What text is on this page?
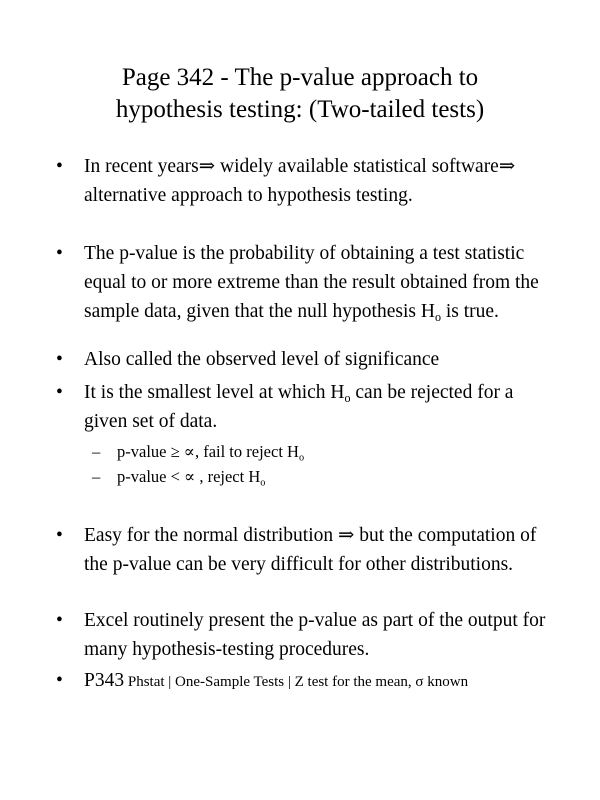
Page 342 - The p-value approach to
hypothesis testing: (Two-tailed tests)
• In recent years⇒ widely available statistical software⇒ alternative approach to hypothesis testing.
• The p-value is the probability of obtaining a test statistic equal to or more extreme than the result obtained from the sample data, given that the null hypothesis $H_o$ is true.
• Also called the observed level of significance
• It is the smallest level at which $H_o$ can be rejected for a given set of data.
– p-value ≥ ∝, fail to reject $H_o$
– p-value < ∝ , reject $H_o$
• Easy for the normal distribution ⇒ but the computation of the p-value can be very difficult for other distributions.
• Excel routinely present the p-value as part of the output for many hypothesis-testing procedures.
• P343 Phstat | One-Sample Tests | Z test for the mean, σ known
